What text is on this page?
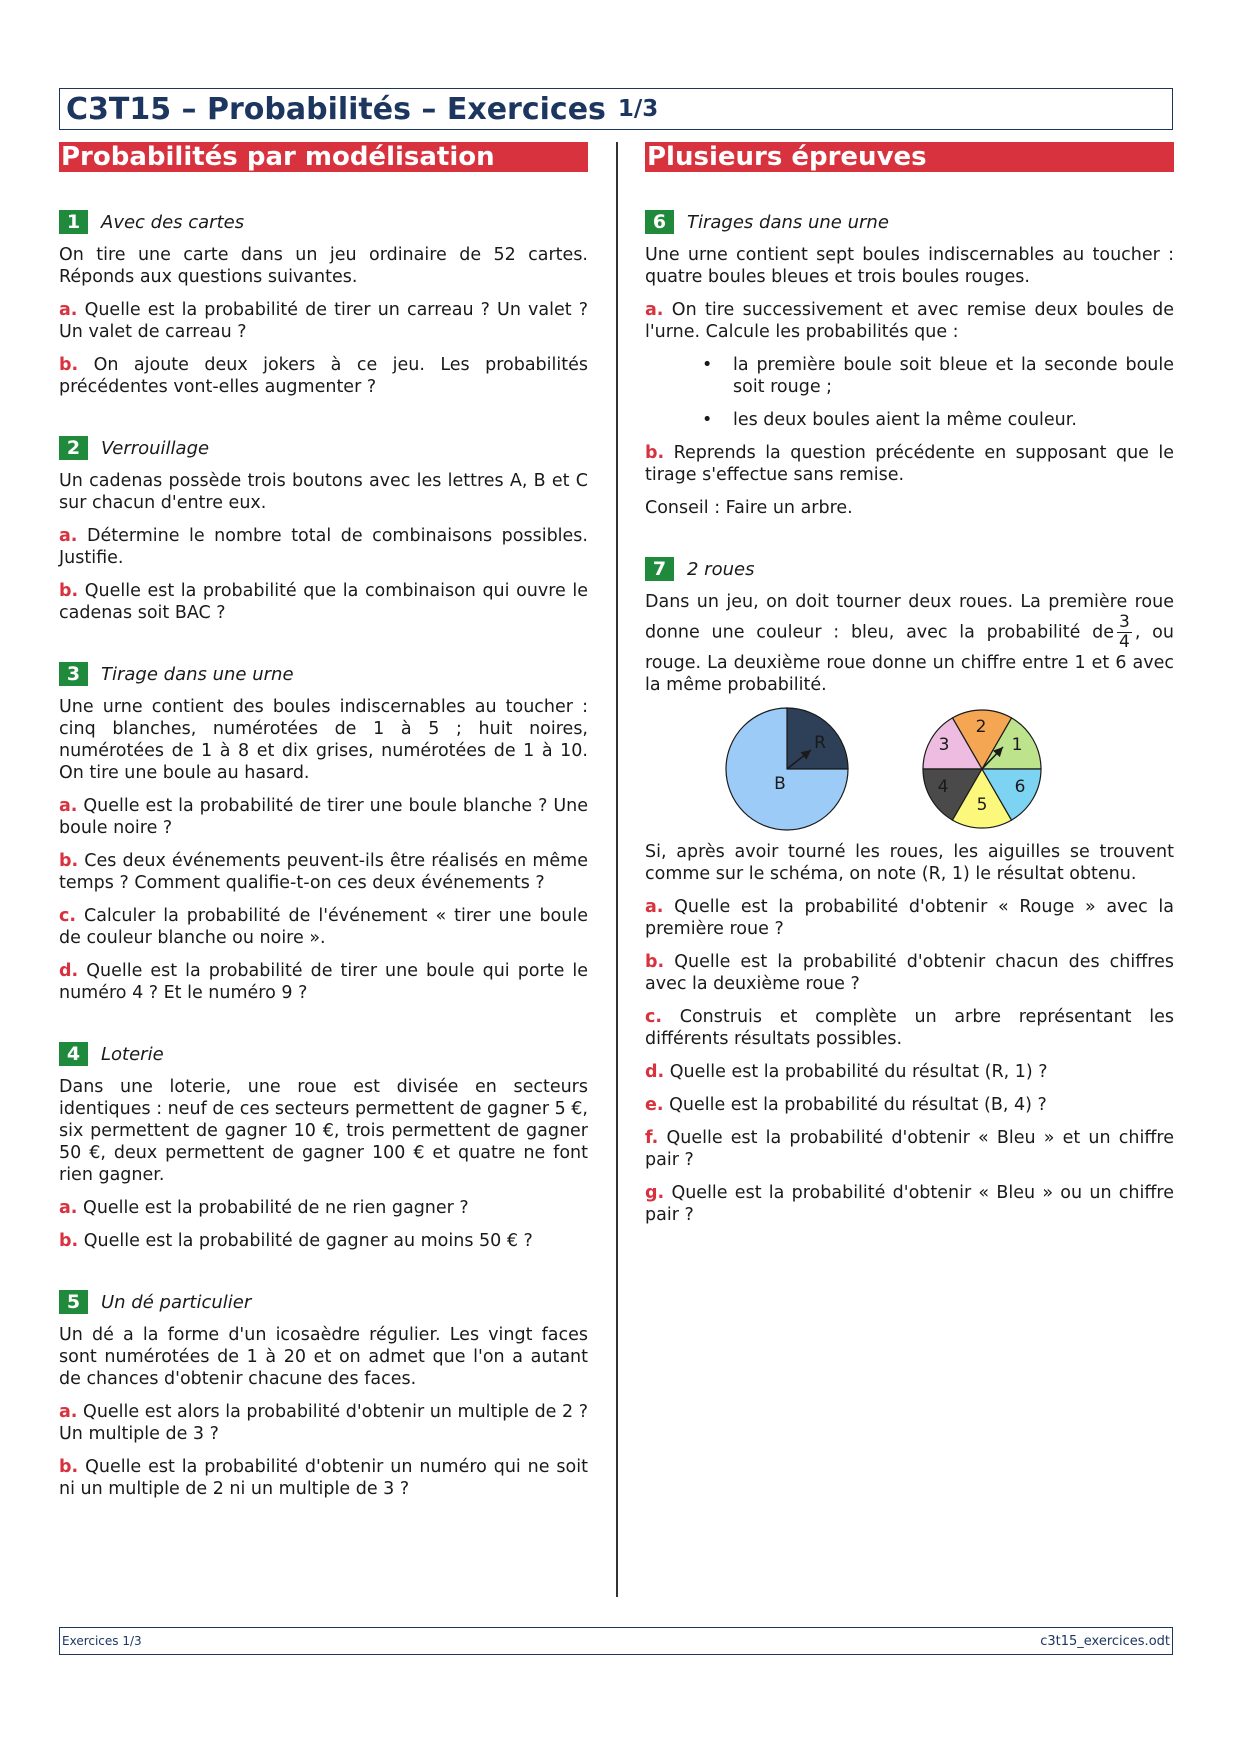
C3T15 – Probabilités – Exercices 1/3
Probabilités par modélisation
1	Avec des cartes

On tire une carte dans un jeu ordinaire de 52 cartes. Réponds aux questions suivantes.

a. Quelle est la probabilité de tirer un carreau ? Un valet ? Un valet de carreau ?

b. On ajoute deux jokers à ce jeu. Les probabilités précédentes vont-elles augmenter ?

2	Verrouillage

Un cadenas possède trois boutons avec les lettres A, B et C sur chacun d'entre eux.

a. Détermine le nombre total de combinaisons possibles. Justifie.

b. Quelle est la probabilité que la combinaison qui ouvre le cadenas soit BAC ?

3	Tirage dans une urne

Une urne contient des boules indiscernables au toucher : cinq blanches, numérotées de 1 à 5 ; huit noires, numérotées de 1 à 8 et dix grises, numérotées de 1 à 10. On tire une boule au hasard.

a. Quelle est la probabilité de tirer une boule blanche ? Une boule noire ?

b. Ces deux événements peuvent-ils être réalisés en même temps ? Comment qualifie-t-on ces deux événements ?

c. Calculer la probabilité de l'événement « tirer une boule de couleur blanche ou noire ».

d. Quelle est la probabilité de tirer une boule qui porte le numéro 4 ? Et le numéro 9 ?

4	Loterie

Dans une loterie, une roue est divisée en secteurs identiques : neuf de ces secteurs permettent de gagner 5 €, six permettent de gagner 10 €, trois permettent de gagner 50 €, deux permettent de gagner 100 € et quatre ne font rien gagner.

a. Quelle est la probabilité de ne rien gagner ?

b. Quelle est la probabilité de gagner au moins 50 € ?

5	Un dé particulier

Un dé a la forme d'un icosaèdre régulier. Les vingt faces sont numérotées de 1 à 20 et on admet que l'on a autant de chances d'obtenir chacune des faces.

a. Quelle est alors la probabilité d'obtenir un multiple de 2 ? Un multiple de 3 ?

b. Quelle est la probabilité d'obtenir un numéro qui ne soit ni un multiple de 2 ni un multiple de 3 ?

Plusieurs épreuves
6	Tirages dans une urne

Une urne contient sept boules indiscernables au toucher : quatre boules bleues et trois boules rouges.

a. On tire successivement et avec remise deux boules de l'urne. Calcule les probabilités que :

• la première boule soit bleue et la seconde boule soit rouge ;
• les deux boules aient la même couleur.

b. Reprends la question précédente en supposant que le tirage s'effectue sans remise.

Conseil : Faire un arbre.

7	2 roues

Dans un jeu, on doit tourner deux roues. La première roue donne une couleur : bleu, avec la probabilité de $\frac{3}{4}$ , ou rouge. La deuxième roue donne un chiffre entre 1 et 6 avec la même probabilité.

R
B
1
2
3
4
5
6

Si, après avoir tourné les roues, les aiguilles se trouvent comme sur le schéma, on note (R, 1) le résultat obtenu.

a. Quelle est la probabilité d'obtenir « Rouge » avec la première roue ?

b. Quelle est la probabilité d'obtenir chacun des chiffres avec la deuxième roue ?

c. Construis et complète un arbre représentant les différents résultats possibles.

d. Quelle est la probabilité du résultat (R, 1) ?

e. Quelle est la probabilité du résultat (B, 4) ?

f. Quelle est la probabilité d'obtenir « Bleu » et un chiffre pair ?

g. Quelle est la probabilité d'obtenir « Bleu » ou un chiffre pair ?

Exercices 1/3	c3t15_exercices.odt
